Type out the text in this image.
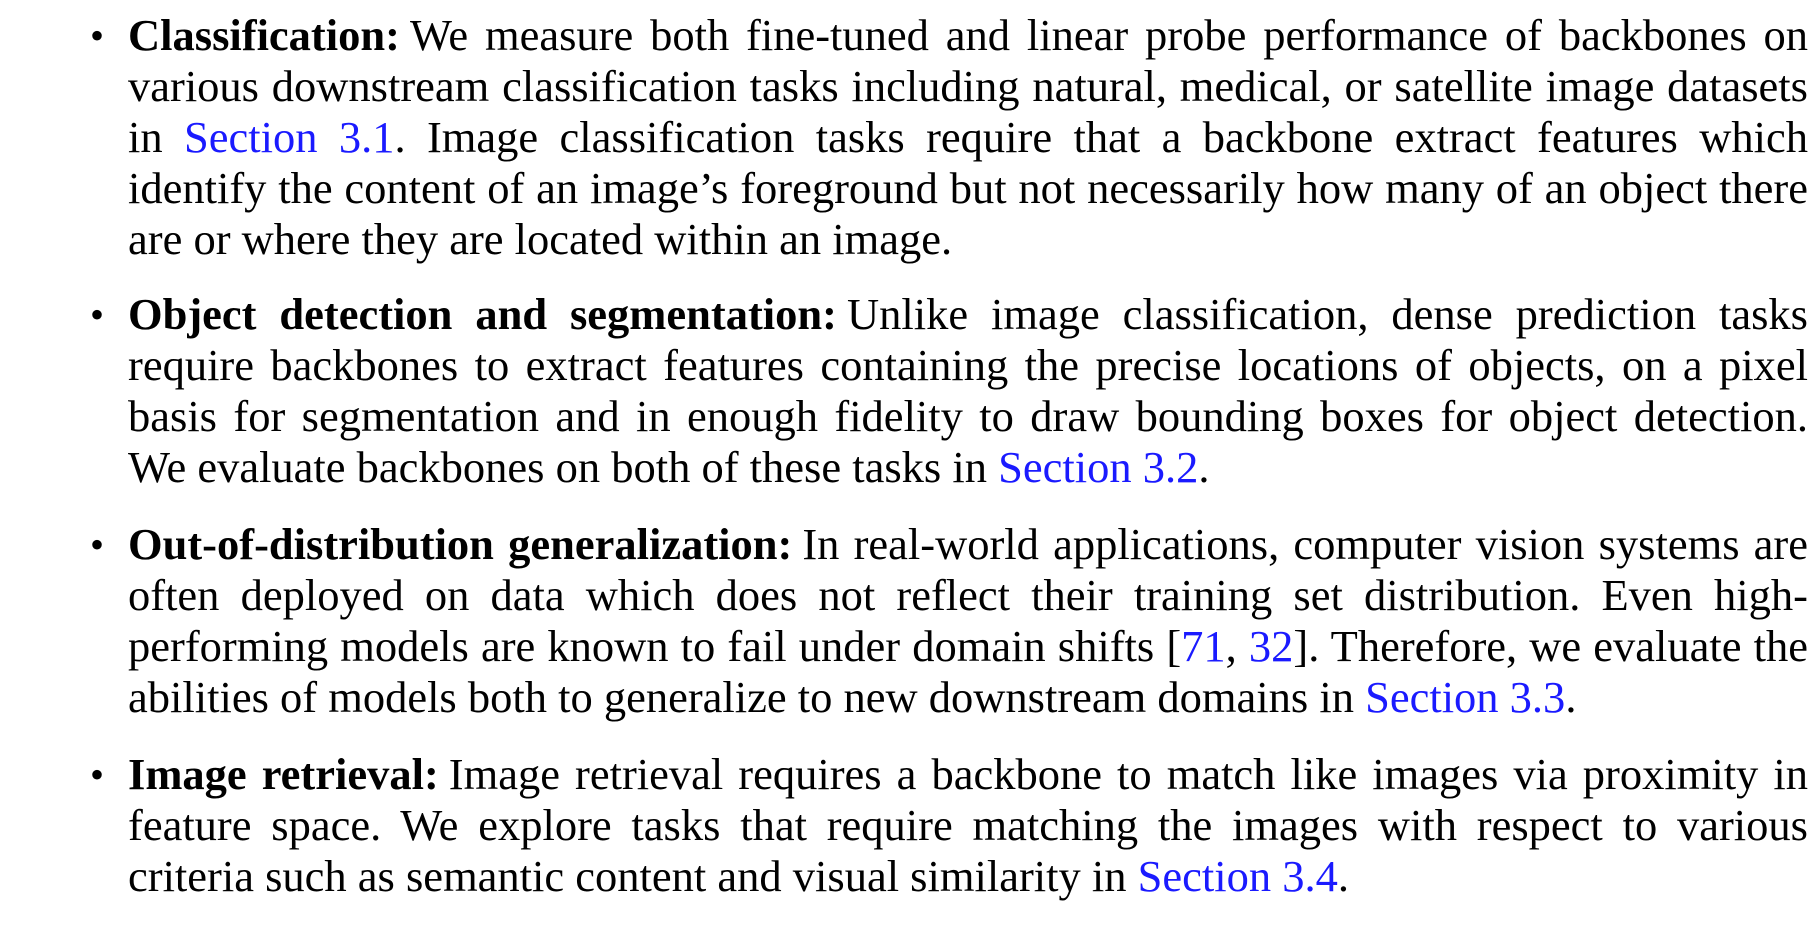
• Classification: We measure both fine-tuned and linear probe performance of backbones on various downstream classification tasks including natural, medical, or satellite image datasets in Section 3.1. Image classification tasks require that a backbone extract features which identify the content of an image’s foreground but not necessarily how many of an object there are or where they are located within an image.
• Object detection and segmentation: Unlike image classification, dense prediction tasks require backbones to extract features containing the precise locations of objects, on a pixel basis for segmentation and in enough fidelity to draw bounding boxes for object detection. We evaluate backbones on both of these tasks in Section 3.2.
• Out-of-distribution generalization: In real-world applications, computer vision systems are often deployed on data which does not reflect their training set distribution. Even high-performing models are known to fail under domain shifts [71, 32]. Therefore, we evaluate the abilities of models both to generalize to new downstream domains in Section 3.3.
• Image retrieval: Image retrieval requires a backbone to match like images via proximity in feature space. We explore tasks that require matching the images with respect to various criteria such as semantic content and visual similarity in Section 3.4.
